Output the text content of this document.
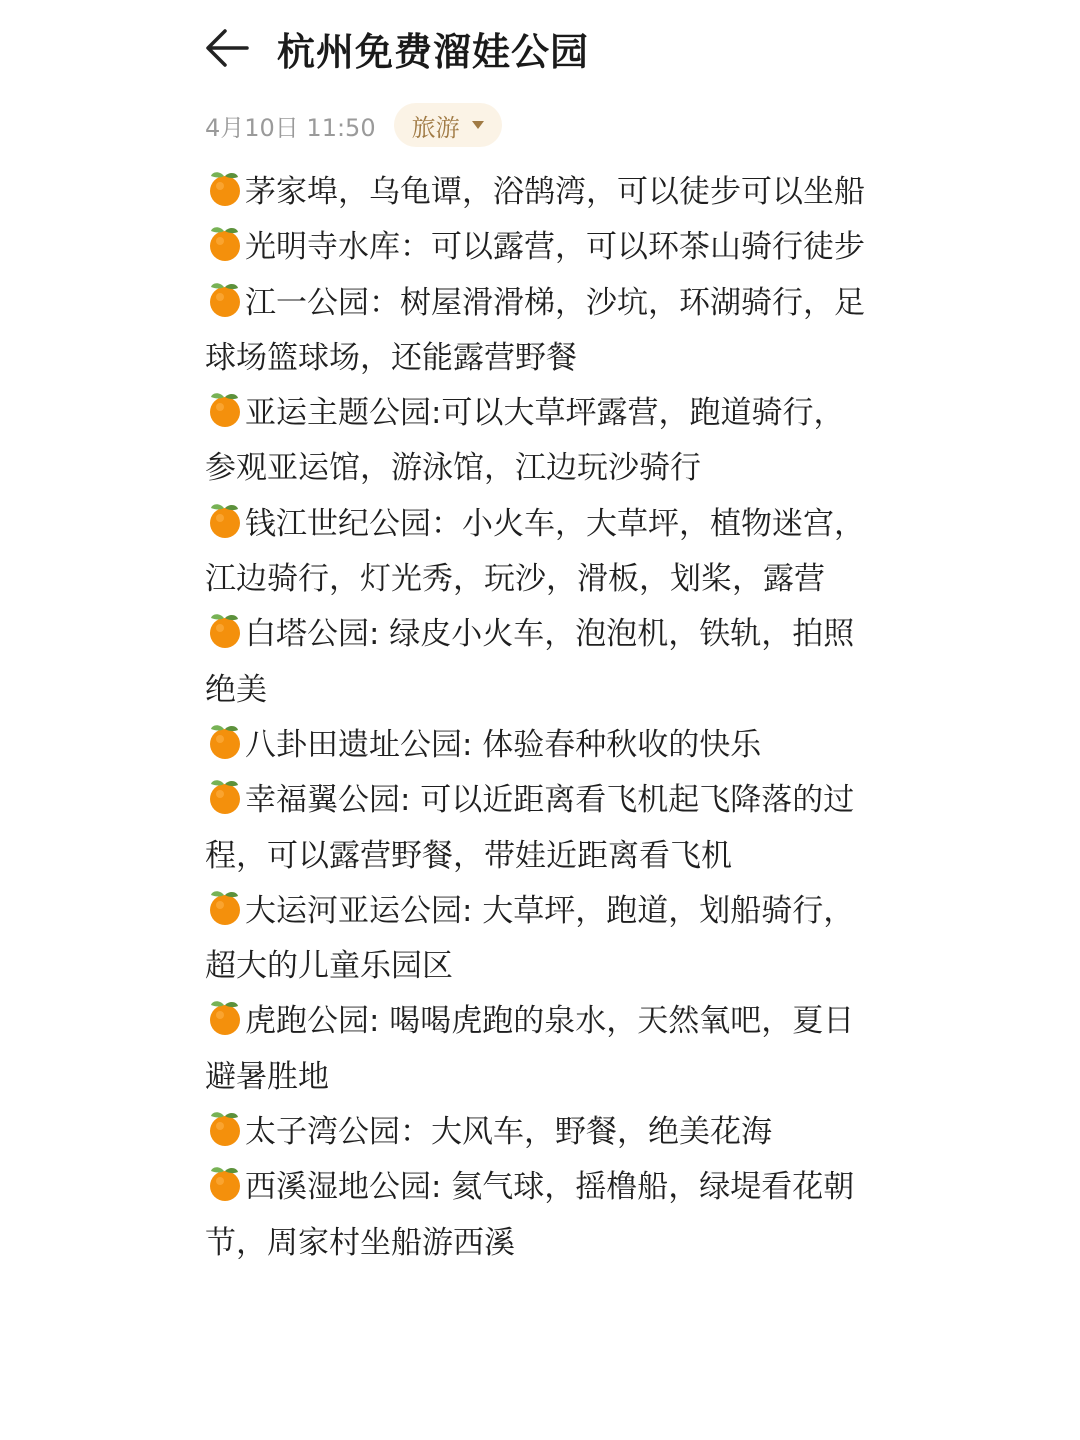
杭州免费溜娃公园
4月10日 11:50 旅游

茅家埠，乌龟谭，浴鹄湾，可以徒步可以坐船

光明寺水库：可以露营，可以环茶山骑行徒步

江一公园：树屋滑滑梯，沙坑，环湖骑行，足球场篮球场，还能露营野餐

亚运主题公园:可以大草坪露营，跑道骑行，参观亚运馆，游泳馆，江边玩沙骑行

钱江世纪公园：小火车，大草坪，植物迷宫，江边骑行，灯光秀，玩沙，滑板，划桨，露营

白塔公园: 绿皮小火车，泡泡机，铁轨，拍照绝美

八卦田遗址公园: 体验春种秋收的快乐

幸福翼公园: 可以近距离看飞机起飞降落的过程，可以露营野餐，带娃近距离看飞机

大运河亚运公园: 大草坪，跑道，划船骑行，超大的儿童乐园区

虎跑公园: 喝喝虎跑的泉水，天然氧吧，夏日避暑胜地

太子湾公园：大风车，野餐，绝美花海

西溪湿地公园: 氦气球，摇橹船，绿堤看花朝节，周家村坐船游西溪
